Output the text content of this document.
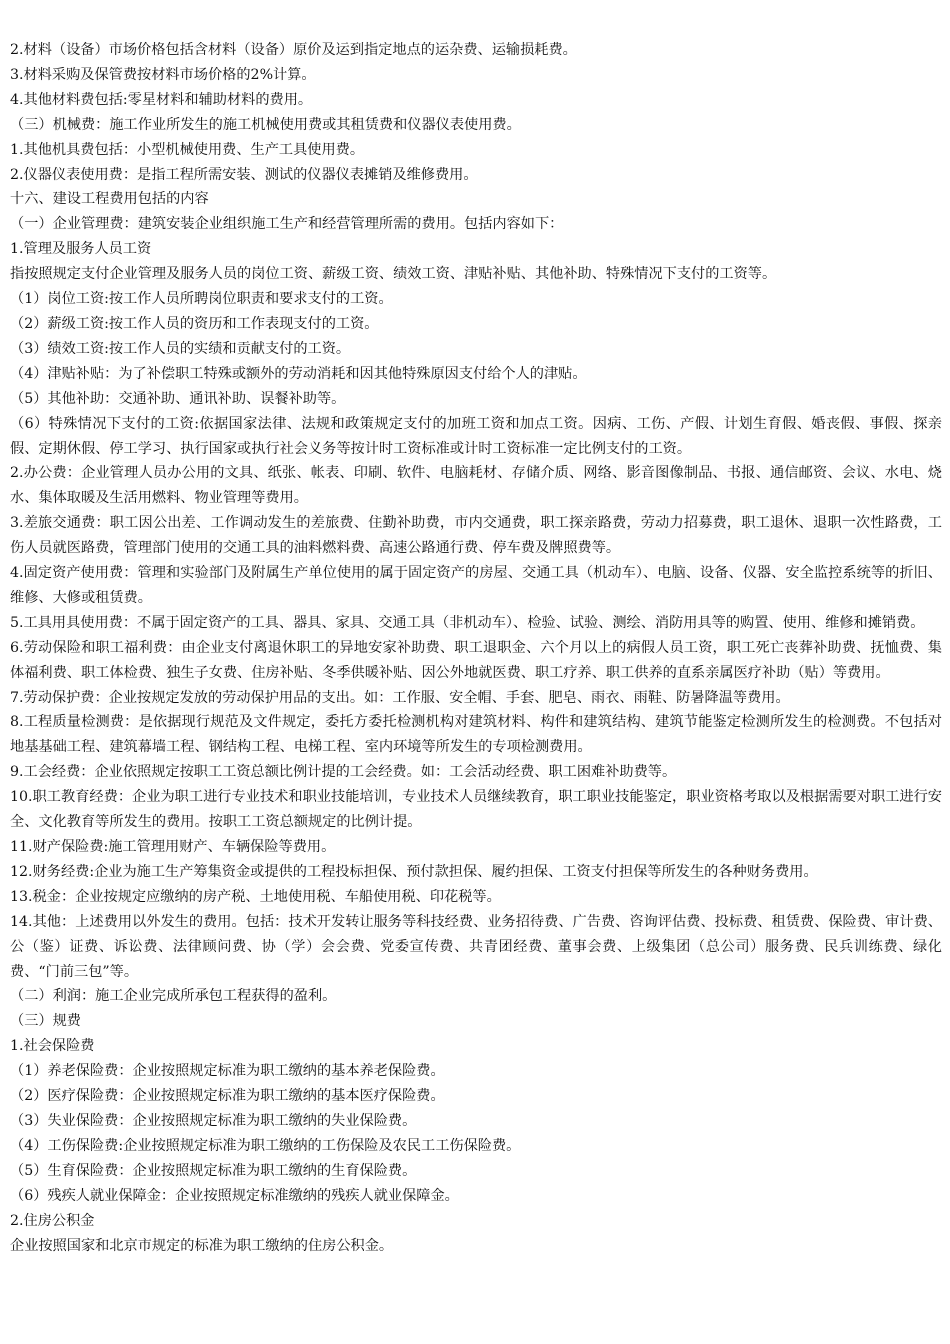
2.材料（设备）市场价格包括含材料（设备）原价及运到指定地点的运杂费、运输损耗费。

3.材料采购及保管费按材料市场价格的2%计算。

4.其他材料费包括:零星材料和辅助材料的费用。

（三）机械费：施工作业所发生的施工机械使用费或其租赁费和仪器仪表使用费。

1.其他机具费包括：小型机械使用费、生产工具使用费。

2.仪器仪表使用费：是指工程所需安装、测试的仪器仪表摊销及维修费用。

十六、建设工程费用包括的内容

（一）企业管理费：建筑安装企业组织施工生产和经营管理所需的费用。包括内容如下：

1.管理及服务人员工资

指按照规定支付企业管理及服务人员的岗位工资、薪级工资、绩效工资、津贴补贴、其他补助、特殊情况下支付的工资等。

（1）岗位工资:按工作人员所聘岗位职责和要求支付的工资。

（2）薪级工资:按工作人员的资历和工作表现支付的工资。

（3）绩效工资:按工作人员的实绩和贡献支付的工资。

（4）津贴补贴：为了补偿职工特殊或额外的劳动消耗和因其他特殊原因支付给个人的津贴。

（5）其他补助：交通补助、通讯补助、误餐补助等。

（6）特殊情况下支付的工资:依据国家法律、法规和政策规定支付的加班工资和加点工资。因病、工伤、产假、计划生育假、婚丧假、事假、探亲假、定期休假、停工学习、执行国家或执行社会义务等按计时工资标准或计时工资标准一定比例支付的工资。

2.办公费：企业管理人员办公用的文具、纸张、帐表、印刷、软件、电脑耗材、存储介质、网络、影音图像制品、书报、通信邮资、会议、水电、烧水、集体取暖及生活用燃料、物业管理等费用。

3.差旅交通费：职工因公出差、工作调动发生的差旅费、住勤补助费，市内交通费，职工探亲路费，劳动力招募费，职工退休、退职一次性路费，工伤人员就医路费，管理部门使用的交通工具的油料燃料费、高速公路通行费、停车费及牌照费等。

4.固定资产使用费：管理和实验部门及附属生产单位使用的属于固定资产的房屋、交通工具（机动车）、电脑、设备、仪器、安全监控系统等的折旧、维修、大修或租赁费。

5.工具用具使用费：不属于固定资产的工具、器具、家具、交通工具（非机动车）、检验、试验、测绘、消防用具等的购置、使用、维修和摊销费。

6.劳动保险和职工福利费：由企业支付离退休职工的异地安家补助费、职工退职金、六个月以上的病假人员工资，职工死亡丧葬补助费、抚恤费、集体福利费、职工体检费、独生子女费、住房补贴、冬季供暖补贴、因公外地就医费、职工疗养、职工供养的直系亲属医疗补助（贴）等费用。

7.劳动保护费：企业按规定发放的劳动保护用品的支出。如：工作服、安全帽、手套、肥皂、雨衣、雨鞋、防暑降温等费用。

8.工程质量检测费：是依据现行规范及文件规定，委托方委托检测机构对建筑材料、构件和建筑结构、建筑节能鉴定检测所发生的检测费。不包括对地基基础工程、建筑幕墙工程、钢结构工程、电梯工程、室内环境等所发生的专项检测费用。

9.工会经费：企业依照规定按职工工资总额比例计提的工会经费。如：工会活动经费、职工困难补助费等。

10.职工教育经费：企业为职工进行专业技术和职业技能培训，专业技术人员继续教育，职工职业技能鉴定，职业资格考取以及根据需要对职工进行安全、文化教育等所发生的费用。按职工工资总额规定的比例计提。

11.财产保险费:施工管理用财产、车辆保险等费用。

12.财务经费:企业为施工生产筹集资金或提供的工程投标担保、预付款担保、履约担保、工资支付担保等所发生的各种财务费用。

13.税金：企业按规定应缴纳的房产税、土地使用税、车船使用税、印花税等。

14.其他：上述费用以外发生的费用。包括：技术开发转让服务等科技经费、业务招待费、广告费、咨询评估费、投标费、租赁费、保险费、审计费、公（鉴）证费、诉讼费、法律顾问费、协（学）会会费、党委宣传费、共青团经费、董事会费、上级集团（总公司）服务费、民兵训练费、绿化费、“门前三包”等。

（二）利润：施工企业完成所承包工程获得的盈利。

（三）规费

1.社会保险费

（1）养老保险费：企业按照规定标准为职工缴纳的基本养老保险费。

（2）医疗保险费：企业按照规定标准为职工缴纳的基本医疗保险费。

（3）失业保险费：企业按照规定标准为职工缴纳的失业保险费。

（4）工伤保险费:企业按照规定标准为职工缴纳的工伤保险及农民工工伤保险费。

（5）生育保险费：企业按照规定标准为职工缴纳的生育保险费。

（6）残疾人就业保障金：企业按照规定标准缴纳的残疾人就业保障金。

2.住房公积金

企业按照国家和北京市规定的标准为职工缴纳的住房公积金。
